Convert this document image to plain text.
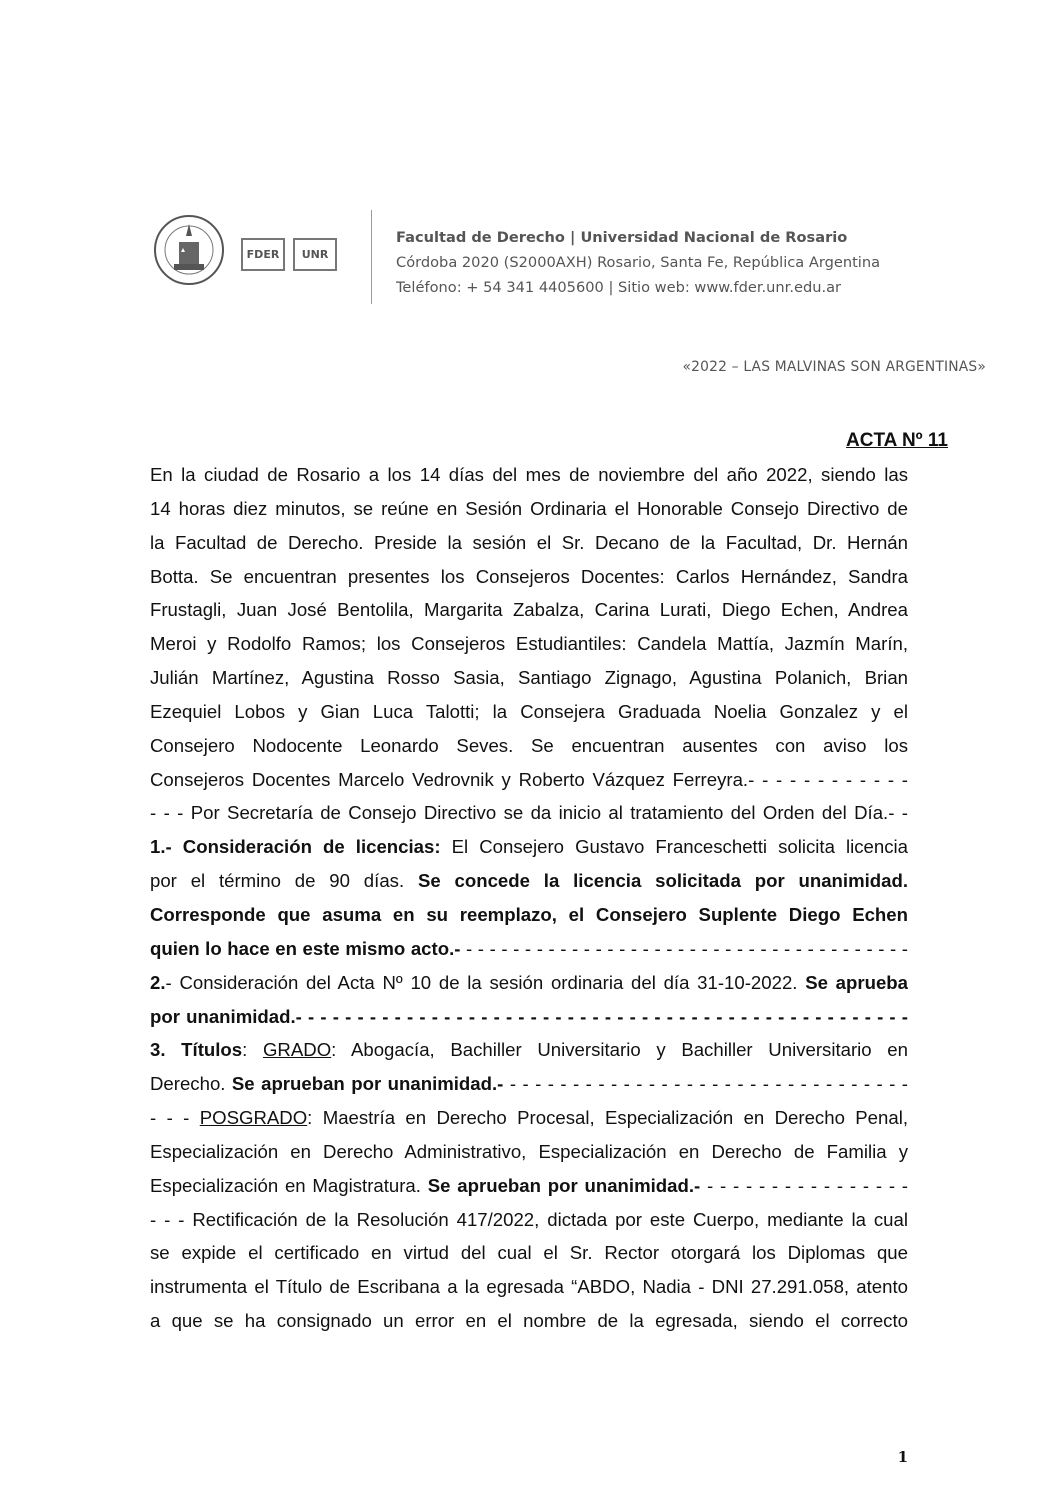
FDER	UNR
Facultad de Derecho | Universidad Nacional de Rosario
Córdoba 2020 (S2000AXH) Rosario, Santa Fe, República Argentina
Teléfono: + 54 341 4405600 | Sitio web: www.fder.unr.edu.ar
«2022 – LAS MALVINAS SON ARGENTINAS»
ACTA Nº 11
En la ciudad de Rosario a los 14 días del mes de noviembre del año 2022, siendo las
14 horas diez minutos, se reúne en Sesión Ordinaria el Honorable Consejo Directivo de
la Facultad de Derecho. Preside la sesión el Sr. Decano de la Facultad, Dr. Hernán
Botta. Se encuentran presentes los Consejeros Docentes: Carlos Hernández, Sandra
Frustagli, Juan José Bentolila, Margarita Zabalza, Carina Lurati, Diego Echen, Andrea
Meroi y Rodolfo Ramos; los Consejeros Estudiantiles: Candela Mattía, Jazmín Marín,
Julián Martínez, Agustina Rosso Sasia, Santiago Zignago, Agustina Polanich, Brian
Ezequiel Lobos y Gian Luca Talotti; la Consejera Graduada Noelia Gonzalez y el
Consejero Nodocente Leonardo Seves. Se encuentran ausentes con aviso los
Consejeros Docentes Marcelo Vedrovnik y Roberto Vázquez Ferreyra.- - - - - - - - - - - -
- - - Por Secretaría de Consejo Directivo se da inicio al tratamiento del Orden del Día.- -
1.- Consideración de licencias: El Consejero Gustavo Franceschetti solicita licencia
por el término de 90 días. Se concede la licencia solicitada por unanimidad.
Corresponde que asuma en su reemplazo, el Consejero Suplente Diego Echen
quien lo hace en este mismo acto.- - - - - - - - - - - - - - - - - - - - - - - - - - - - - - - - - - - - - - -
2.- Consideración del Acta Nº 10 de la sesión ordinaria del día 31-10-2022. Se aprueba
por unanimidad.- - - - - - - - - - - - - - - - - - - - - - - - - - - - - - - - - - - - - - - - - - - - - - - - - -
3. Títulos: GRADO: Abogacía, Bachiller Universitario y Bachiller Universitario en
Derecho. Se aprueban por unanimidad.- - - - - - - - - - - - - - - - - - - - - - - - - - - - - - - - -
- - - POSGRADO: Maestría en Derecho Procesal, Especialización en Derecho Penal,
Especialización en Derecho Administrativo, Especialización en Derecho de Familia y
Especialización en Magistratura. Se aprueban por unanimidad.- - - - - - - - - - - - - - - - -
- - - Rectificación de la Resolución 417/2022, dictada por este Cuerpo, mediante la cual
se expide el certificado en virtud del cual el Sr. Rector otorgará los Diplomas que
instrumenta el Título de Escribana a la egresada “ABDO, Nadia - DNI 27.291.058, atento
a que se ha consignado un error en el nombre de la egresada, siendo el correcto
1
